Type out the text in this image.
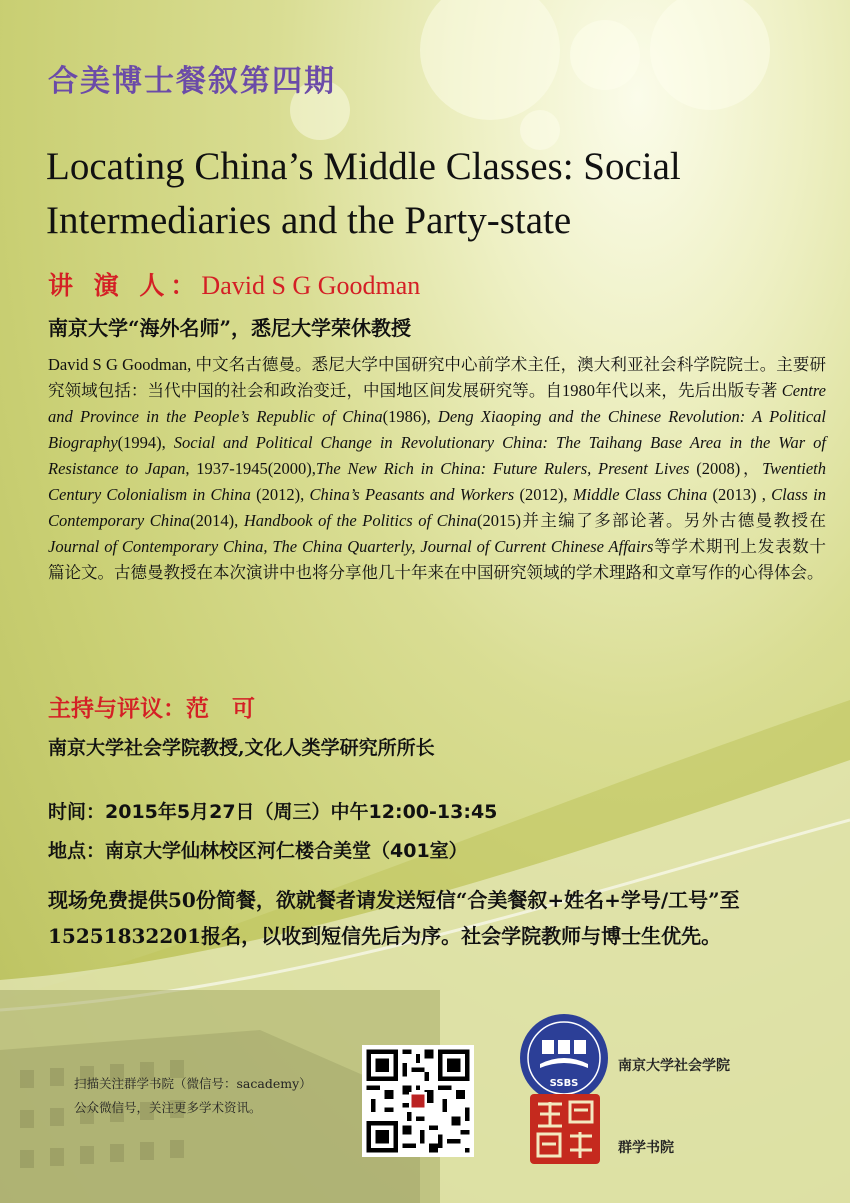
合美博士餐叙第四期
Locating China’s Middle Classes: Social Intermediaries and the Party-state
讲 演 人：David S G Goodman
南京大学“海外名师”，悉尼大学荣休教授
David S G Goodman, 中文名古德曼。悉尼大学中国研究中心前学术主任，澳大利亚社会科学院院士。主要研究领域包括：当代中国的社会和政治变迁，中国地区间发展研究等。自1980年代以来，先后出版专著 Centre and Province in the People’s Republic of China(1986), Deng Xiaoping and the Chinese Revolution: A Political Biography(1994), Social and Political Change in Revolutionary China: The Taihang Base Area in the War of Resistance to Japan, 1937-1945(2000),The New Rich in China: Future Rulers, Present Lives (2008)，Twentieth Century Colonialism in China (2012), China’s Peasants and Workers (2012), Middle Class China (2013) , Class in Contemporary China(2014), Handbook of the Politics of China(2015)并主编了多部论著。另外古德曼教授在Journal of Contemporary China, The China Quarterly, Journal of Current Chinese Affairs等学术期刊上发表数十篇论文。古德曼教授在本次演讲中也将分享他几十年来在中国研究领域的学术理路和文章写作的心得体会。
主持与评议：范　可
南京大学社会学院教授,文化人类学研究所所长
时间：2015年5月27日（周三）中午12:00-13:45
地点：南京大学仙林校区河仁楼合美堂（401室）
现场免费提供50份简餐，欲就餐者请发送短信“合美餐叙+姓名+学号/工号”至15251832201报名，以收到短信先后为序。社会学院教师与博士生优先。
扫描关注群学书院（微信号：sacademy）
公众微信号，关注更多学术资讯。
SSBS
南京大学社会学院
群学书院
